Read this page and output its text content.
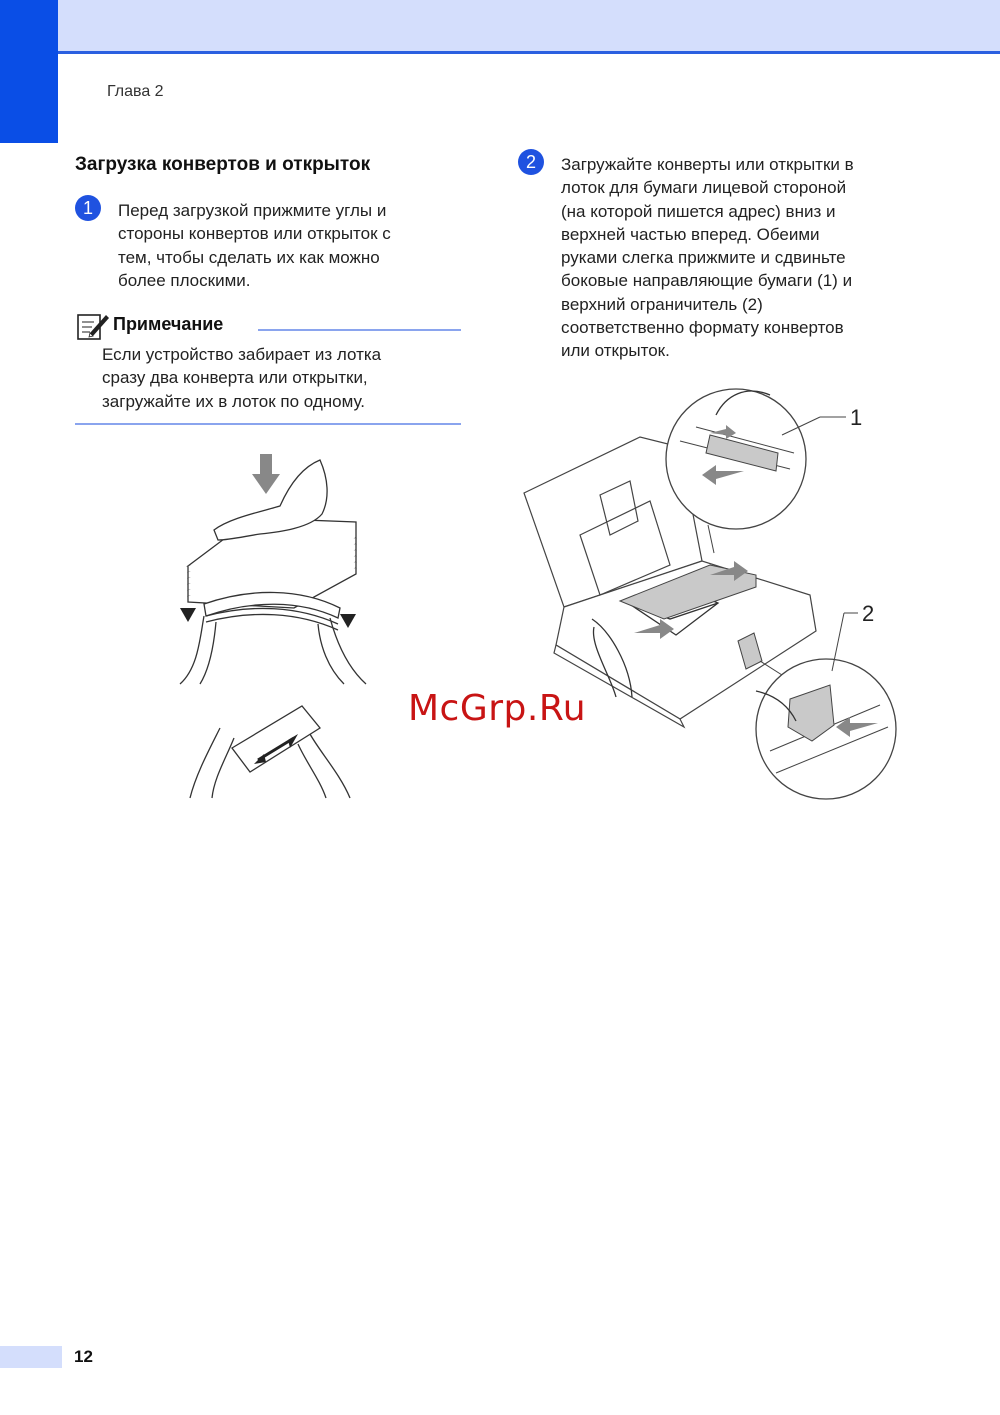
Глава 2
Загрузка конвертов и открыток
1	Перед загрузкой прижмите углы и
стороны конвертов или открыток с
тем, чтобы сделать их как можно
более плоскими.
Примечание
Если устройство забирает из лотка
сразу два конверта или открытки,
загружайте их в лоток по одному.
2	Загружайте конверты или открытки в
лоток для бумаги лицевой стороной
(на которой пишется адрес) вниз и
верхней частью вперед. Обеими
руками слегка прижмите и сдвиньте
боковые направляющие бумаги (1) и
верхний ограничитель (2)
соответственно формату конвертов
или открыток.
1
2
McGrp.Ru
12
